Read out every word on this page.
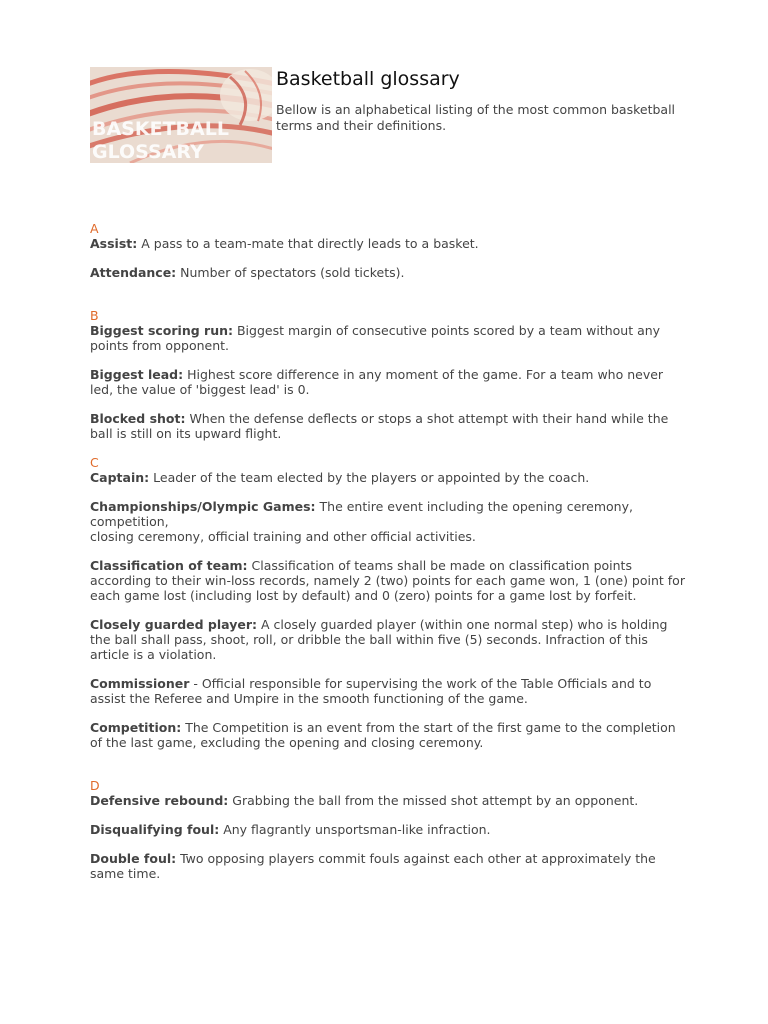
BASKETBALL
GLOSSARY
Basketball glossary
Bellow is an alphabetical listing of the most common basketball terms and their definitions.

A

Assist: A pass to a team-mate that directly leads to a basket.

Attendance: Number of spectators (sold tickets).

B

Biggest scoring run: Biggest margin of consecutive points scored by a team without any points from opponent.

Biggest lead: Highest score difference in any moment of the game. For a team who never led, the value of 'biggest lead' is 0.

Blocked shot: When the defense deflects or stops a shot attempt with their hand while the ball is still on its upward flight.

C

Captain: Leader of the team elected by the players or appointed by the coach.

Championships/Olympic Games: The entire event including the opening ceremony, competition,
closing ceremony, official training and other official activities.

Classification of team: Classification of teams shall be made on classification points according to their win-loss records, namely 2 (two) points for each game won, 1 (one) point for each game lost (including lost by default) and 0 (zero) points for a game lost by forfeit.

Closely guarded player: A closely guarded player (within one normal step) who is holding the ball shall pass, shoot, roll, or dribble the ball within five (5) seconds. Infraction of this article is a violation.

Commissioner - Official responsible for supervising the work of the Table Officials and to assist the Referee and Umpire in the smooth functioning of the game.

Competition: The Competition is an event from the start of the first game to the completion of the last game, excluding the opening and closing ceremony.

D

Defensive rebound: Grabbing the ball from the missed shot attempt by an opponent.

Disqualifying foul: Any flagrantly unsportsman-like infraction.

Double foul: Two opposing players commit fouls against each other at approximately the same time.
